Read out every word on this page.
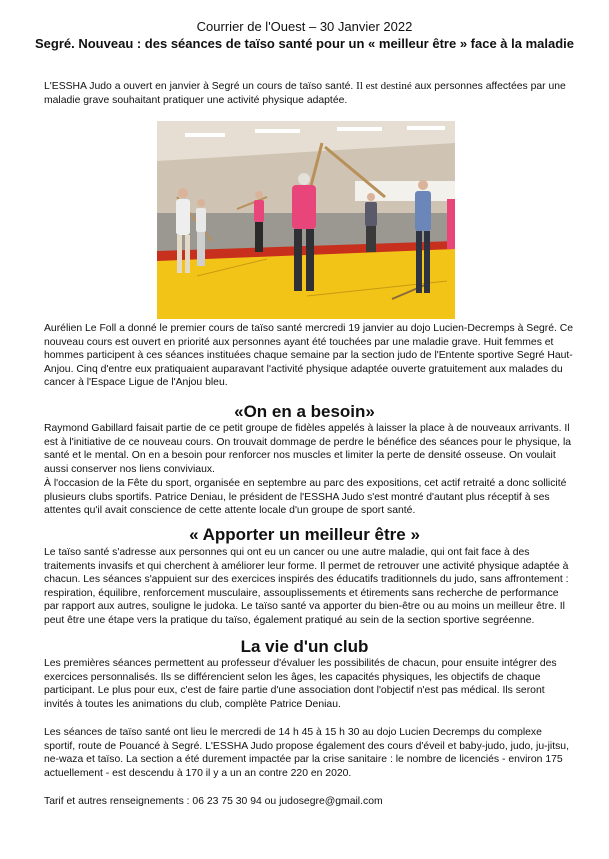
Courrier de l'Ouest – 30 Janvier 2022
Segré. Nouveau : des séances de taïso santé pour un « meilleur être » face à la maladie

L'ESSHA Judo a ouvert en janvier à Segré un cours de taïso santé. Il est destiné aux personnes affectées par une maladie grave souhaitant pratiquer une activité physique adaptée.

Aurélien Le Foll a donné le premier cours de taïso santé mercredi 19 janvier au dojo Lucien-Decremps à Segré. Ce nouveau cours est ouvert en priorité aux personnes ayant été touchées par une maladie grave. Huit femmes et hommes participent à ces séances instituées chaque semaine par la section judo de l'Entente sportive Segré Haut-Anjou. Cinq d'entre eux pratiquaient auparavant l'activité physique adaptée ouverte gratuitement aux malades du cancer à l'Espace Ligue de l'Anjou bleu.

«On en a besoin»

Raymond Gabillard faisait partie de ce petit groupe de fidèles appelés à laisser la place à de nouveaux arrivants. Il est à l'initiative de ce nouveau cours. On trouvait dommage de perdre le bénéfice des séances pour le physique, la santé et le mental. On en a besoin pour renforcer nos muscles et limiter la perte de densité osseuse. On voulait aussi conserver nos liens conviviaux.

À l'occasion de la Fête du sport, organisée en septembre au parc des expositions, cet actif retraité a donc sollicité plusieurs clubs sportifs. Patrice Deniau, le président de l'ESSHA Judo s'est montré d'autant plus réceptif à ses attentes qu'il avait conscience de cette attente locale d'un groupe de sport santé.

« Apporter un meilleur être »

Le taïso santé s'adresse aux personnes qui ont eu un cancer ou une autre maladie, qui ont fait face à des traitements invasifs et qui cherchent à améliorer leur forme. Il permet de retrouver une activité physique adaptée à chacun. Les séances s'appuient sur des exercices inspirés des éducatifs traditionnels du judo, sans affrontement : respiration, équilibre, renforcement musculaire, assouplissements et étirements sans recherche de performance par rapport aux autres, souligne le judoka. Le taïso santé va apporter du bien-être ou au moins un meilleur être. Il peut être une étape vers la pratique du taïso, également pratiqué au sein de la section sportive segréenne.

La vie d'un club

Les premières séances permettent au professeur d'évaluer les possibilités de chacun, pour ensuite intégrer des exercices personnalisés. Ils se différencient selon les âges, les capacités physiques, les objectifs de chaque participant. Le plus pour eux, c'est de faire partie d'une association dont l'objectif n'est pas médical. Ils seront invités à toutes les animations du club, complète Patrice Deniau.

Les séances de taïso santé ont lieu le mercredi de 14 h 45 à 15 h 30 au dojo Lucien Decremps du complexe sportif, route de Pouancé à Segré. L'ESSHA Judo propose également des cours d'éveil et baby-judo, judo, ju-jitsu, ne-waza et taïso. La section a été durement impactée par la crise sanitaire : le nombre de licenciés - environ 175 actuellement - est descendu à 170 il y a un an contre 220 en 2020.

Tarif et autres renseignements : 06 23 75 30 94 ou judosegre@gmail.com
